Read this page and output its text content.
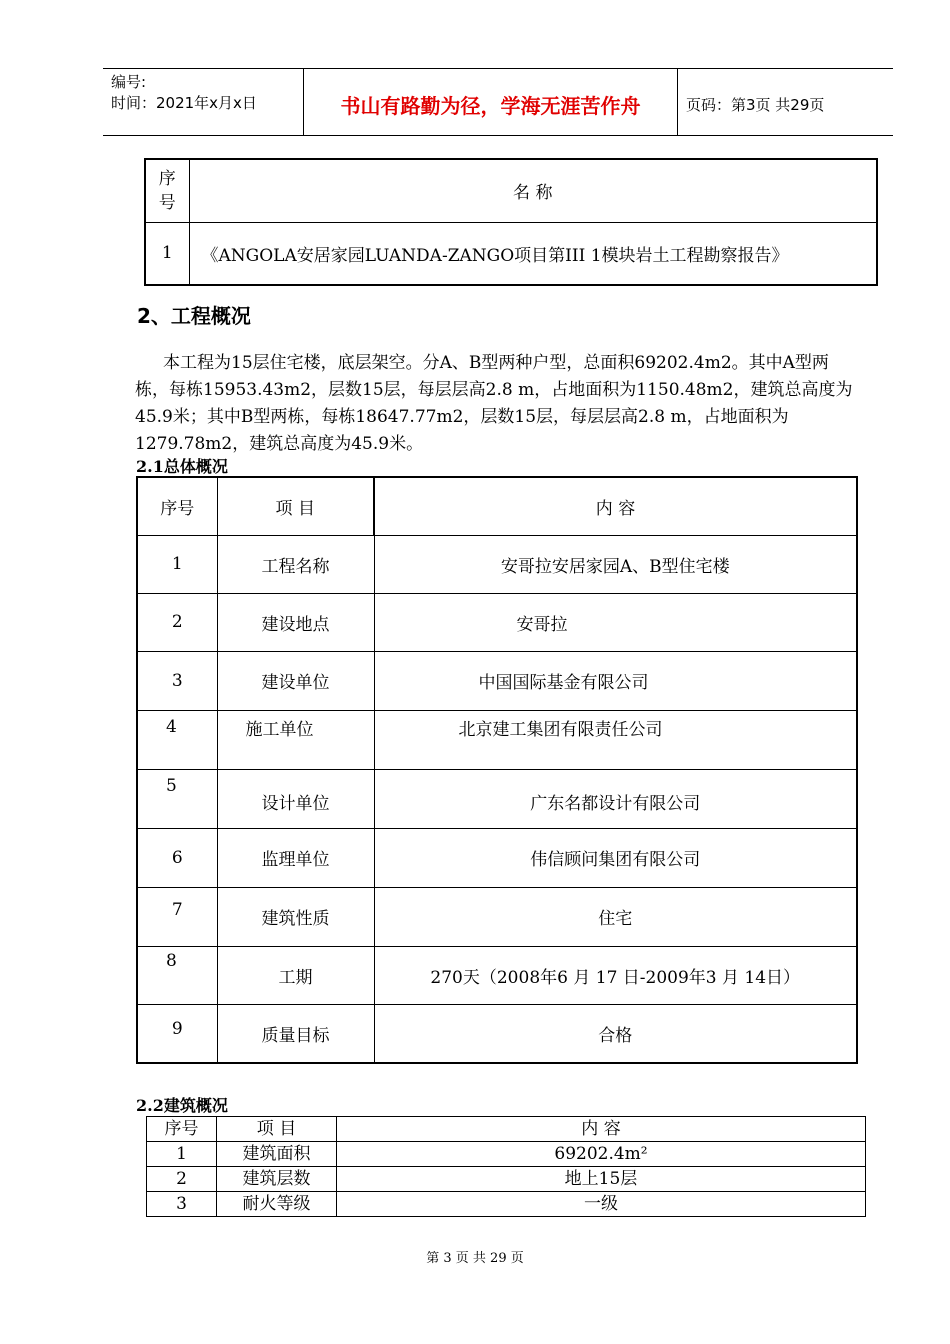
编号:
时间：2021年x月x日	书山有路勤为径，学海无涯苦作舟	页码：第3页 共29页
序号	名 称
1	《ANGOLA安居家园LUANDA-ZANGO项目第III 1模块岩土工程勘察报告》
2、工程概况
本工程为15层住宅楼，底层架空。分A、B型两种户型，总面积69202.4m2。其中A型两栋，每栋15953.43m2，层数15层，每层层高2.8 m，占地面积为1150.48m2，建筑总高度为45.9米；其中B型两栋，每栋18647.77m2，层数15层，每层层高2.8 m，占地面积为1279.78m2，建筑总高度为45.9米。
2.1总体概况
序号	项 目	内 容
1	工程名称	安哥拉安居家园A、B型住宅楼
2	建设地点	安哥拉
3	建设单位	中国国际基金有限公司
4	施工单位	北京建工集团有限责任公司
5	设计单位	广东名都设计有限公司
6	监理单位	伟信顾问集团有限公司
7	建筑性质	住宅
8	工期	270天（2008年6 月 17 日-2009年3 月 14日）
9	质量目标	合格
2.2建筑概况
序号	项 目	内 容
1	建筑面积	69202.4m²
2	建筑层数	地上15层
3	耐火等级	一级
第 3 页 共 29 页
